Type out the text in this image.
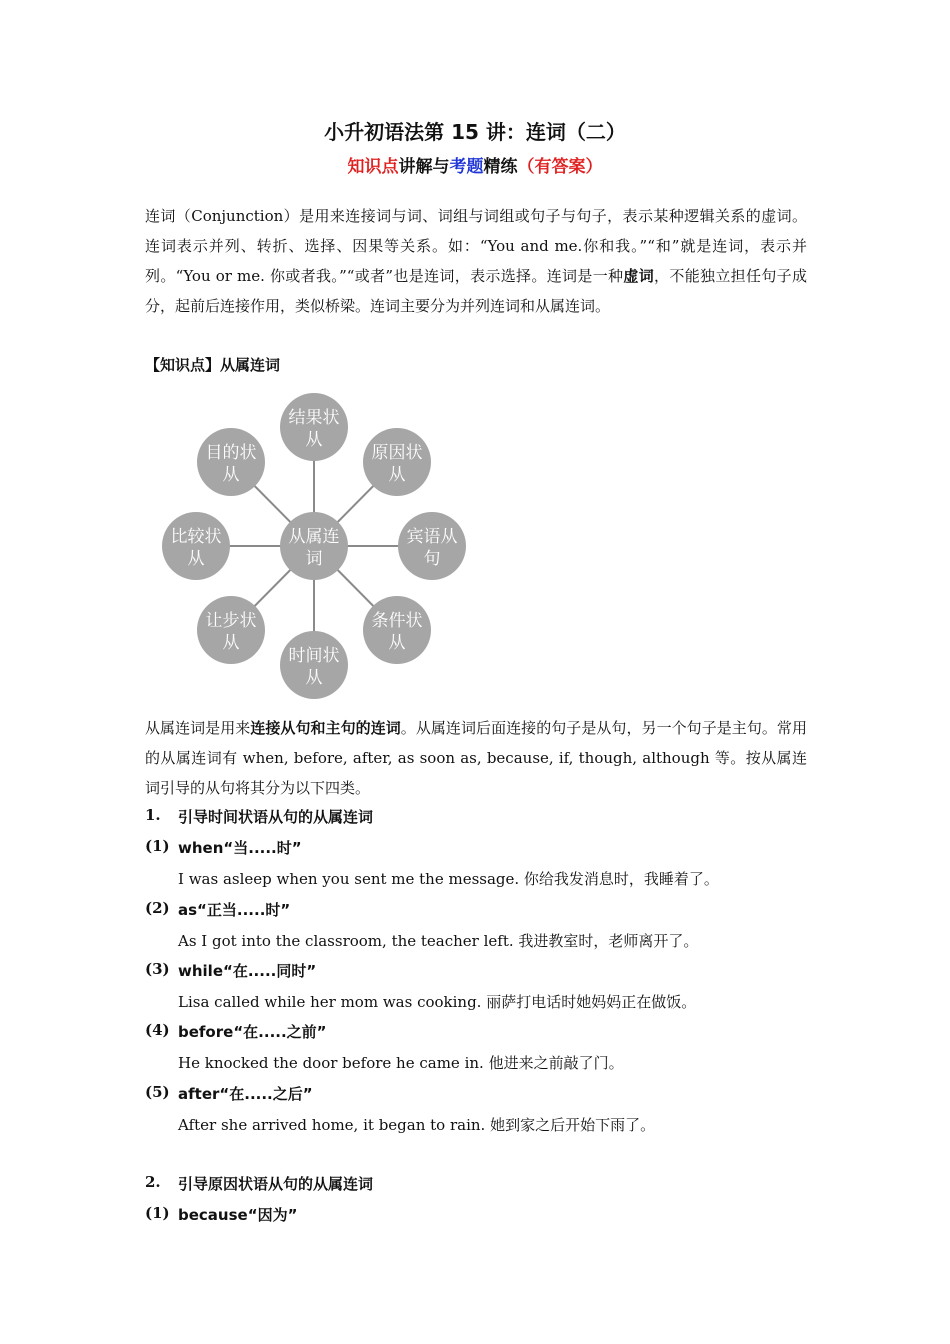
小升初语法第 15 讲：连词（二）
知识点讲解与考题精练（有答案）
连词（Conjunction）是用来连接词与词、词组与词组或句子与句子，表示某种逻辑关系的虚词。连词表示并列、转折、选择、因果等关系。如：“You and me.你和我。”“和”就是连词，表示并列。“You or me. 你或者我。”“或者”也是连词，表示选择。连词是一种虚词，不能独立担任句子成分，起前后连接作用，类似桥梁。连词主要分为并列连词和从属连词。
【知识点】从属连词
从属连
词
结果状
从
原因状
从
宾语从
句
条件状
从
时间状
从
让步状
从
比较状
从
目的状
从
从属连词是用来连接从句和主句的连词。从属连词后面连接的句子是从句，另一个句子是主句。常用的从属连词有 when, before, after, as soon as, because, if, though, although 等。按从属连词引导的从句将其分为以下四类。
1. 引导时间状语从句的从属连词
(1) when“当.....时”
I was asleep when you sent me the message. 你给我发消息时，我睡着了。
(2) as“正当.....时”
As I got into the classroom, the teacher left. 我进教室时，老师离开了。
(3) while“在.....同时”
Lisa called while her mom was cooking. 丽萨打电话时她妈妈正在做饭。
(4) before“在.....之前”
He knocked the door before he came in. 他进来之前敲了门。
(5) after“在.....之后”
After she arrived home, it began to rain. 她到家之后开始下雨了。
2. 引导原因状语从句的从属连词
(1) because“因为”
